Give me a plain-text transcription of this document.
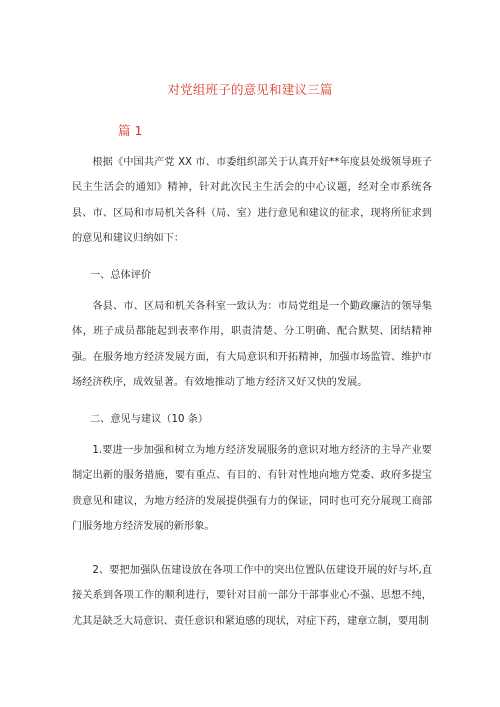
对党组班子的意见和建议三篇
篇 1

根据《中国共产党 XX 市、市委组织部关于认真开好**年度县处级领导班子民主生活会的通知》精神，针对此次民主生活会的中心议题，经对全市系统各县、市、区局和市局机关各科（局、室）进行意见和建议的征求，现将所征求到的意见和建议归纳如下：

一、总体评价

各县、市、区局和机关各科室一致认为：市局党组是一个勤政廉洁的领导集体，班子成员都能起到表率作用，职责清楚、分工明确、配合默契、团结精神强。在服务地方经济发展方面，有大局意识和开拓精神，加强市场监管、维护市场经济秩序，成效显著。有效地推动了地方经济又好又快的发展。

二、意见与建议（10 条）

1.要进一步加强和树立为地方经济发展服务的意识对地方经济的主导产业要制定出新的服务措施，要有重点、有目的、有针对性地向地方党委、政府多提宝贵意见和建议，为地方经济的发展提供强有力的保证，同时也可充分展现工商部门服务地方经济发展的新形象。

2、要把加强队伍建设放在各项工作中的突出位置队伍建设开展的好与坏,直接关系到各项工作的顺利进行，要针对目前一部分干部事业心不强、思想不纯，尤其是缺乏大局意识、责任意识和紧迫感的现状，对症下药，建章立制，要用制
